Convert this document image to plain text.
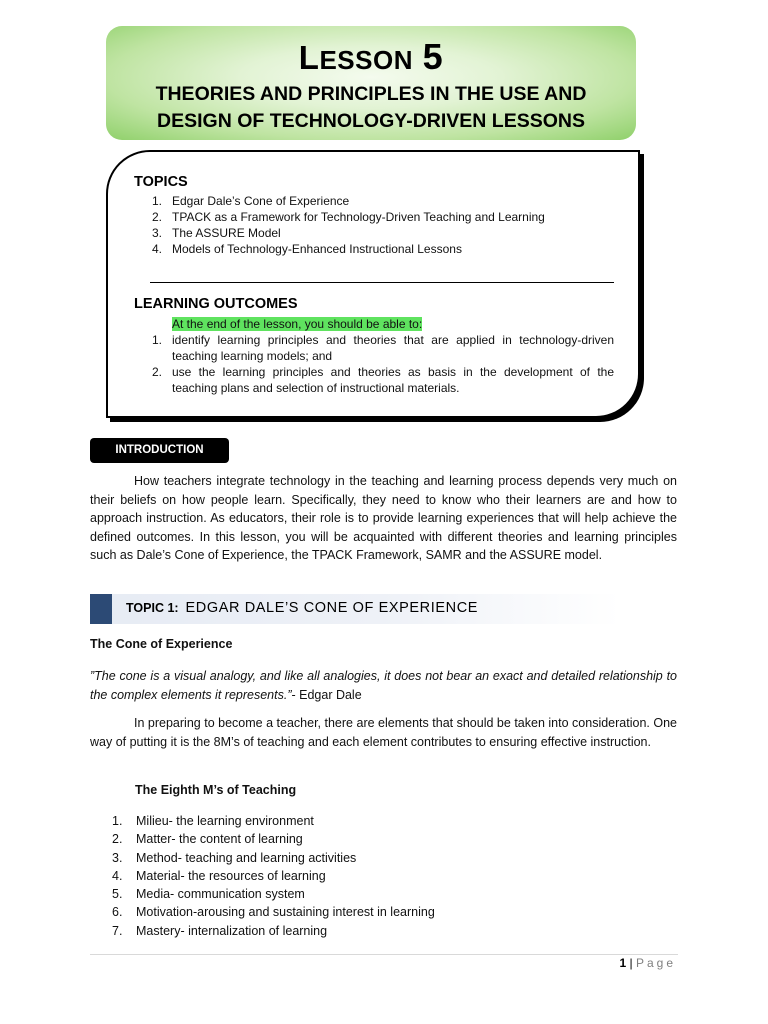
LESSON 5
THEORIES AND PRINCIPLES IN THE USE AND
DESIGN OF TECHNOLOGY-DRIVEN LESSONS
TOPICS
1. Edgar Dale’s Cone of Experience
2. TPACK as a Framework for Technology-Driven Teaching and Learning
3. The ASSURE Model
4. Models of Technology-Enhanced Instructional Lessons
LEARNING OUTCOMES
At the end of the lesson, you should be able to:
1. identify learning principles and theories that are applied in technology-driven teaching learning models; and
2. use the learning principles and theories as basis in the development of the teaching plans and selection of instructional materials.
INTRODUCTION

How teachers integrate technology in the teaching and learning process depends very much on their beliefs on how people learn. Specifically, they need to know who their learners are and how to approach instruction. As educators, their role is to provide learning experiences that will help achieve the defined outcomes. In this lesson, you will be acquainted with different theories and learning principles such as Dale’s Cone of Experience, the TPACK Framework, SAMR and the ASSURE model.

TOPIC 1: EDGAR DALE’S CONE OF EXPERIENCE
The Cone of Experience

”The cone is a visual analogy, and like all analogies, it does not bear an exact and detailed relationship to the complex elements it represents.”- Edgar Dale

In preparing to become a teacher, there are elements that should be taken into consideration. One way of putting it is the 8M’s of teaching and each element contributes to ensuring effective instruction.

The Eighth M’s of Teaching
1. Milieu- the learning environment
2. Matter- the content of learning
3. Method- teaching and learning activities
4. Material- the resources of learning
5. Media- communication system
6. Motivation-arousing and sustaining interest in learning
7. Mastery- internalization of learning
1 | Page
